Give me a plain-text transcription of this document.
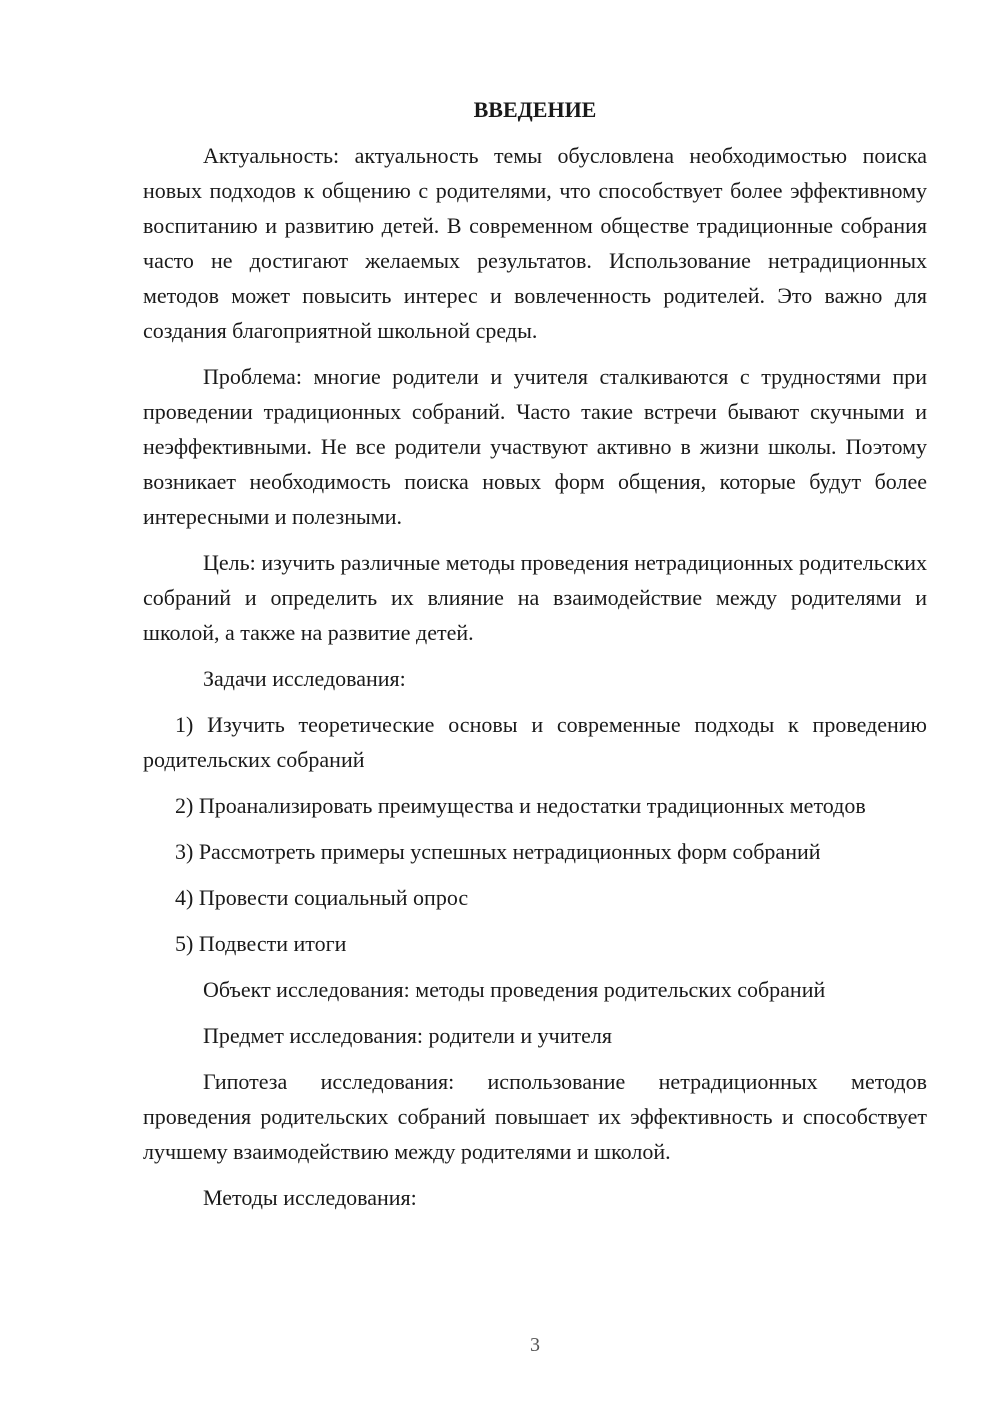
ВВЕДЕНИЕ

Актуальность: актуальность темы обусловлена необходимостью поиска новых подходов к общению с родителями, что способствует более эффективному воспитанию и развитию детей. В современном обществе традиционные собрания часто не достигают желаемых результатов. Использование нетрадиционных методов может повысить интерес и вовлеченность родителей. Это важно для создания благоприятной школьной среды.

Проблема: многие родители и учителя сталкиваются с трудностями при проведении традиционных собраний. Часто такие встречи бывают скучными и неэффективными. Не все родители участвуют активно в жизни школы. Поэтому возникает необходимость поиска новых форм общения, которые будут более интересными и полезными.

Цель: изучить различные методы проведения нетрадиционных родительских собраний и определить их влияние на взаимодействие между родителями и школой, а также на развитие детей.

Задачи исследования:

1) Изучить теоретические основы и современные подходы к проведению родительских собраний

2) Проанализировать преимущества и недостатки традиционных методов

3) Рассмотреть примеры успешных нетрадиционных форм собраний

4) Провести социальный опрос

5) Подвести итоги

Объект исследования: методы проведения родительских собраний

Предмет исследования: родители и учителя

Гипотеза исследования: использование нетрадиционных методов проведения родительских собраний повышает их эффективность и способствует лучшему взаимодействию между родителями и школой.

Методы исследования:

3
